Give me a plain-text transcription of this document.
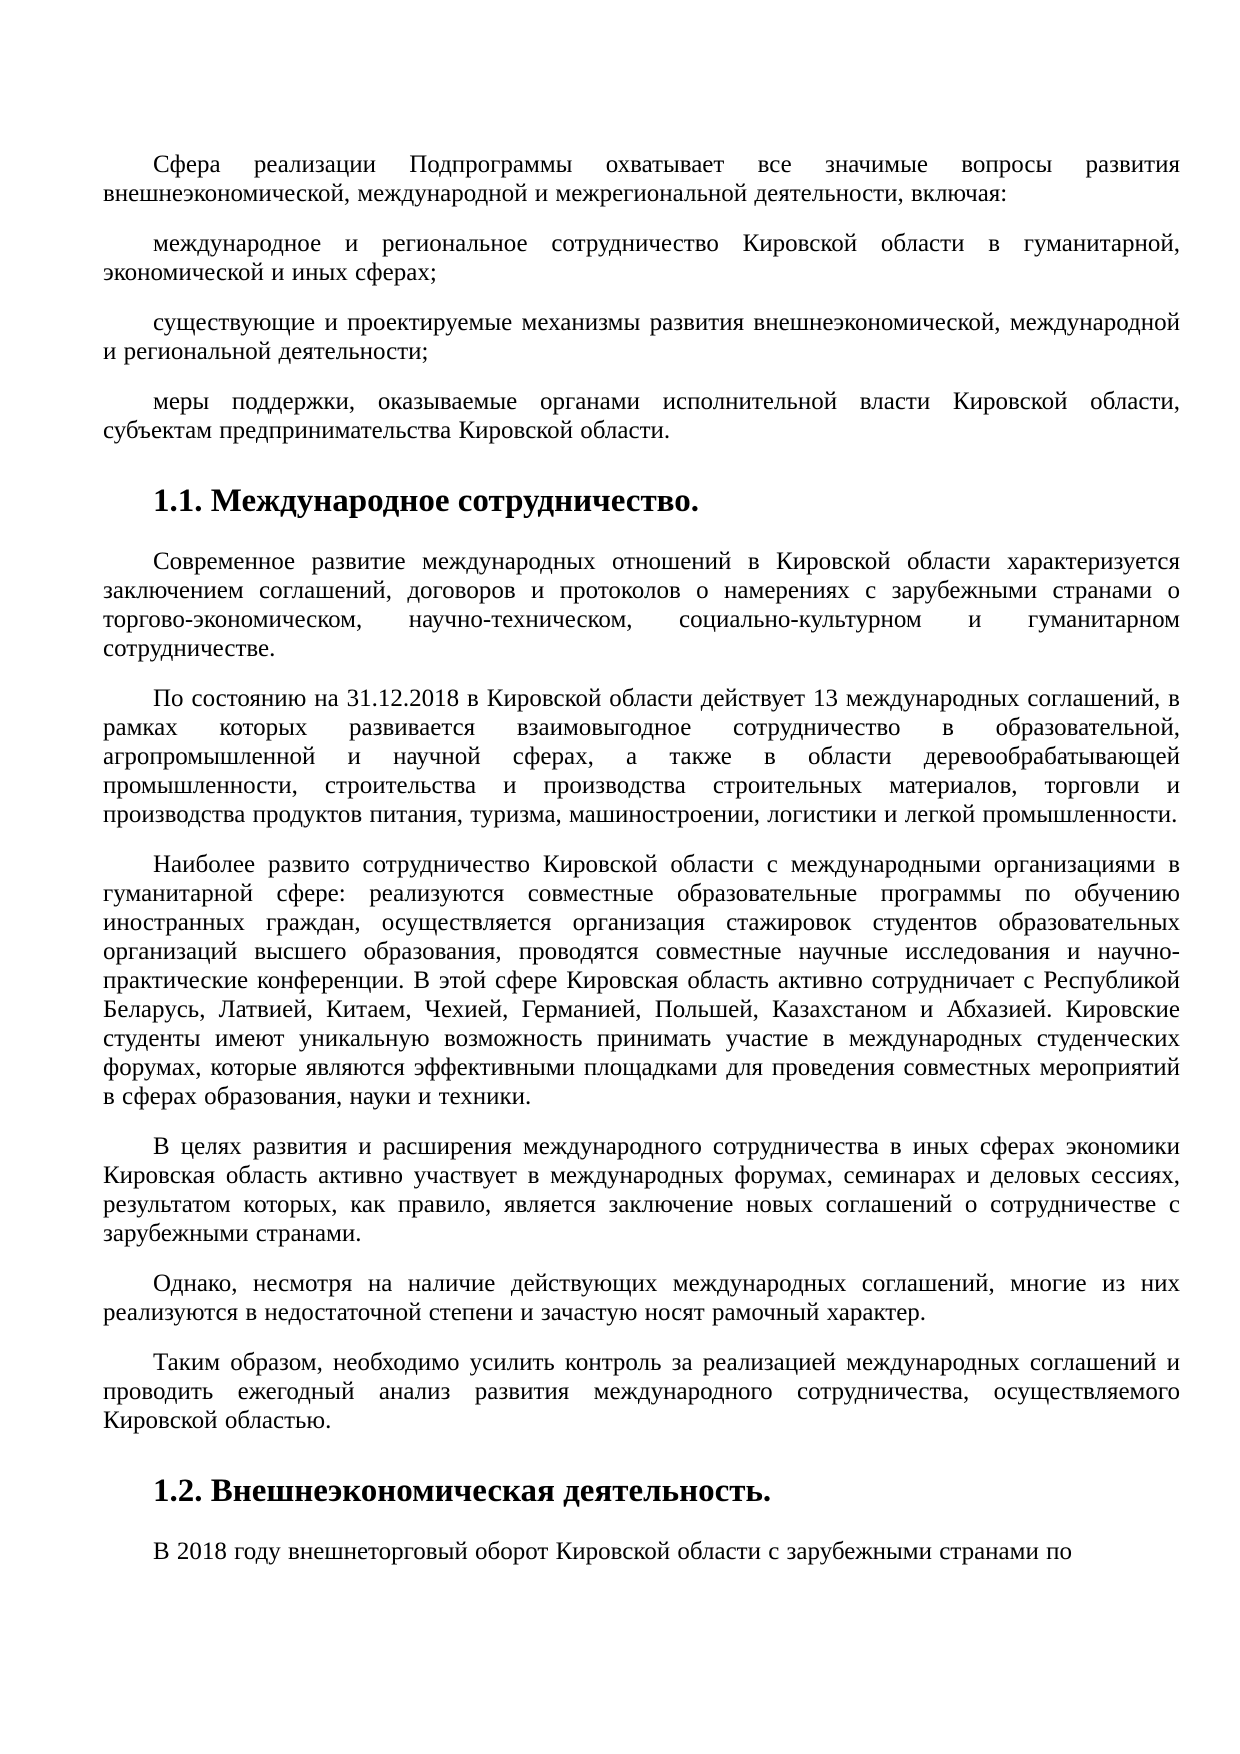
Сфера реализации Подпрограммы охватывает все значимые вопросы развития внешнеэкономической, международной и межрегиональной деятельности, включая:

международное и региональное сотрудничество Кировской области в гуманитарной, экономической и иных сферах;

существующие и проектируемые механизмы развития внешнеэкономической, международной и региональной деятельности;

меры поддержки, оказываемые органами исполнительной власти Кировской области, субъектам предпринимательства Кировской области.

1.1. Международное сотрудничество.

Современное развитие международных отношений в Кировской области характеризуется заключением соглашений, договоров и протоколов о намерениях с зарубежными странами о торгово-экономическом, научно-техническом, социально-культурном и гуманитарном сотрудничестве.

По состоянию на 31.12.2018 в Кировской области действует 13 международных соглашений, в рамках которых развивается взаимовыгодное сотрудничество в образовательной, агропромышленной и научной сферах, а также в области деревообрабатывающей промышленности, строительства и производства строительных материалов, торговли и производства продуктов питания, туризма, машиностроении, логистики и легкой промышленности.

Наиболее развито сотрудничество Кировской области с международными организациями в гуманитарной сфере: реализуются совместные образовательные программы по обучению иностранных граждан, осуществляется организация стажировок студентов образовательных организаций высшего образования, проводятся совместные научные исследования и научно-практические конференции. В этой сфере Кировская область активно сотрудничает с Республикой Беларусь, Латвией, Китаем, Чехией, Германией, Польшей, Казахстаном и Абхазией. Кировские студенты имеют уникальную возможность принимать участие в международных студенческих форумах, которые являются эффективными площадками для проведения совместных мероприятий в сферах образования, науки и техники.

В целях развития и расширения международного сотрудничества в иных сферах экономики Кировская область активно участвует в международных форумах, семинарах и деловых сессиях, результатом которых, как правило, является заключение новых соглашений о сотрудничестве с зарубежными странами.

Однако, несмотря на наличие действующих международных соглашений, многие из них реализуются в недостаточной степени и зачастую носят рамочный характер.

Таким образом, необходимо усилить контроль за реализацией международных соглашений и проводить ежегодный анализ развития международного сотрудничества, осуществляемого Кировской областью.

1.2. Внешнеэкономическая деятельность.

В 2018 году внешнеторговый оборот Кировской области с зарубежными странами по
